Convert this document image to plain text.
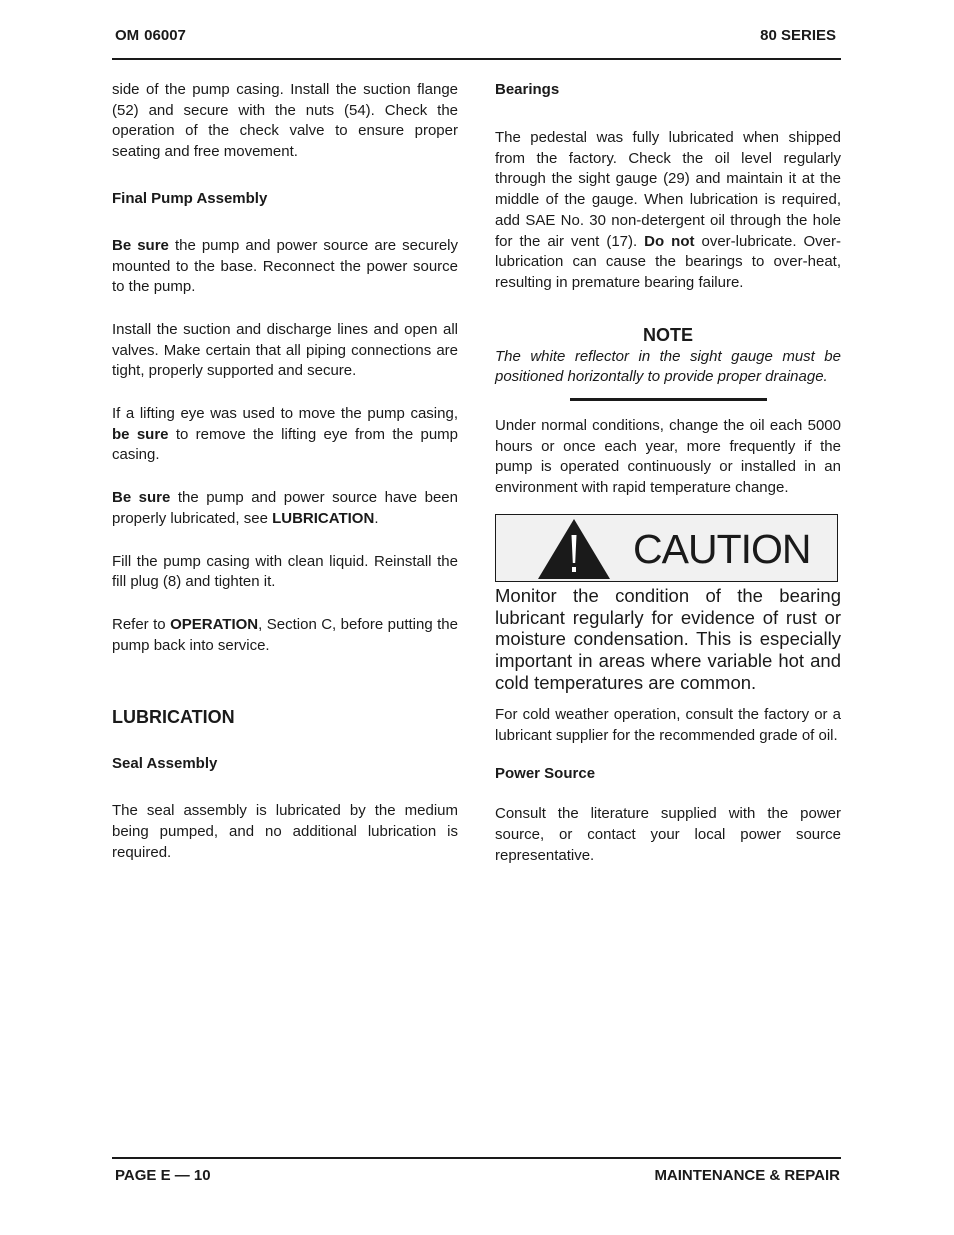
OM 06007	80 SERIES

side of the pump casing. Install the suction flange (52) and secure with the nuts (54). Check the operation of the check valve to ensure proper seating and free movement.

Final Pump Assembly

Be sure the pump and power source are securely mounted to the base. Reconnect the power source to the pump.

Install the suction and discharge lines and open all valves. Make certain that all piping connections are tight, properly supported and secure.

If a lifting eye was used to move the pump casing, be sure to remove the lifting eye from the pump casing.

Be sure the pump and power source have been properly lubricated, see LUBRICATION.

Fill the pump casing with clean liquid. Reinstall the fill plug (8) and tighten it.

Refer to OPERATION, Section C, before putting the pump back into service.

LUBRICATION
Seal Assembly

The seal assembly is lubricated by the medium being pumped, and no additional lubrication is required.

Bearings

The pedestal was fully lubricated when shipped from the factory. Check the oil level regularly through the sight gauge (29) and maintain it at the middle of the gauge. When lubrication is required, add SAE No. 30 non-detergent oil through the hole for the air vent (17). Do not over-lubricate. Over-lubrication can cause the bearings to over-heat, resulting in premature bearing failure.

NOTE

The white reflector in the sight gauge must be positioned horizontally to provide proper drainage.

Under normal conditions, change the oil each 5000 hours or once each year, more frequently if the pump is operated continuously or installed in an environment with rapid temperature change.

CAUTION

Monitor the condition of the bearing lubricant regularly for evidence of rust or moisture condensation. This is especially important in areas where variable hot and cold temperatures are common.

For cold weather operation, consult the factory or a lubricant supplier for the recommended grade of oil.

Power Source

Consult the literature supplied with the power source, or contact your local power source representative.

PAGE E — 10	MAINTENANCE & REPAIR
